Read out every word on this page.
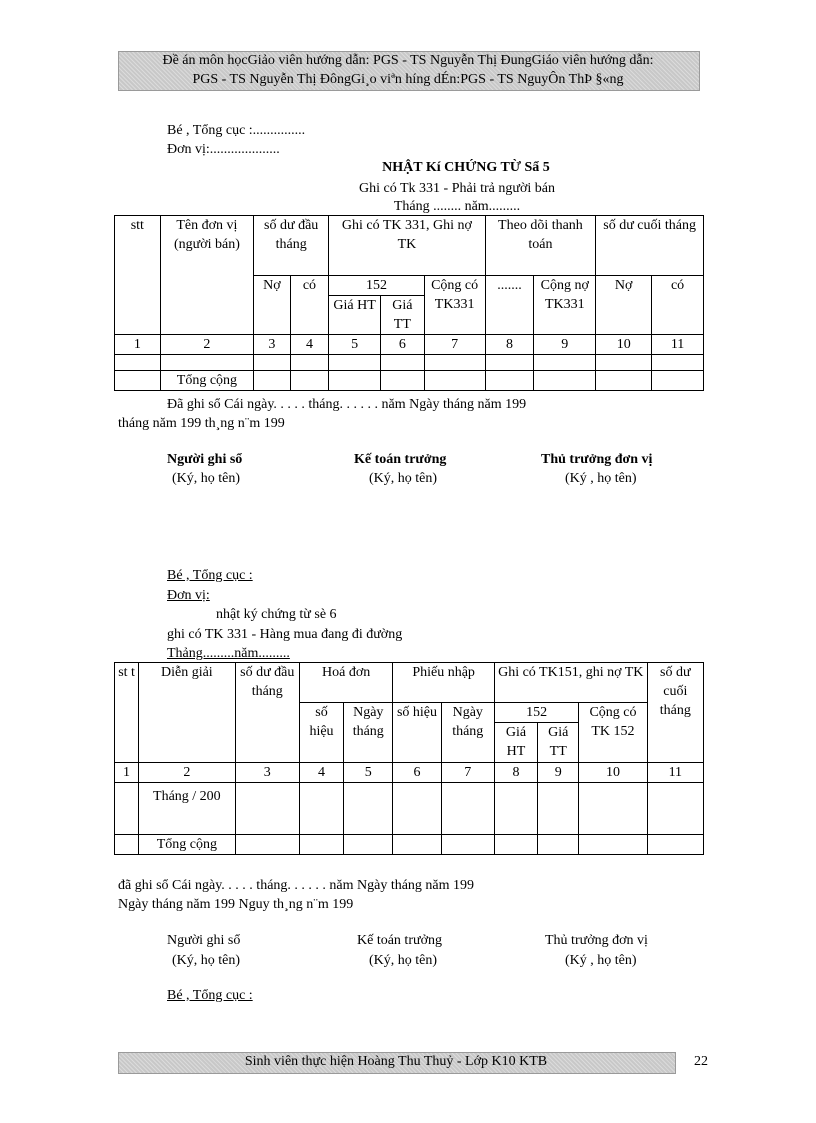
Đề án môn họcGiảo viên hướng dẫn: PGS - TS Nguyễn Thị ĐungGiáo viên hướng dẫn:
PGS - TS Nguyễn Thị ĐôngGi¸o viªn híng dÉn:PGS - TS NguyÔn ThÞ §«ng
Bé , Tổng cục :...............
Đơn vị:....................
NHẬT Kí CHỨNG TỪ Sẩ 5
Ghi có Tk 331 - Phải trả người bán
Tháng ........ năm.........
stt	Tên đơn vị (người bán)	số dư đầu tháng		Ghi có TK 331, Ghi nợ TK			Theo dõi thanh toán		số dư cuối tháng	
		Nợ	có	152		Cộng có TK331	.......	Cộng nợ TK331	Nợ	có
				Giá HT	Giá TT					
1	2	3	4	5	6	7	8	9	10	11

	Tổng cộng									
Đã ghi sổ Cái ngày. . . . . tháng. . . . . . năm Ngày tháng năm 199
tháng năm 199 th¸ng n¨m 199
Người ghi sổ	Kế toán trưởng	Thủ trưởng đơn vị
(Ký, họ tên)	(Ký, họ tên)	(Ký , họ tên)
Bé , Tổng cục :
Đơn vị:
nhật ký chứng từ sè 6
ghi có TK 331 - Hàng mua đang đi đường
Thảng.........năm.........
st t	Diễn giải	số dư đầu tháng	Hoá đơn		Phiếu nhập		Ghi có TK151, ghi nợ TK			số dư cuối tháng
			số hiệu	Ngày tháng	số hiệu	Ngày tháng	152		Cộng có TK 152	
							Giá HT	Giá TT		
1	2	3	4	5	6	7	8	9	10	11
	Tháng / 200									
	Tổng cộng									
đã ghi sổ Cái ngày. . . . . tháng. . . . . . năm Ngày tháng năm 199
Ngày tháng năm 199 Nguy th¸ng n¨m 199
Người ghi sổ	Kế toán trưởng	Thủ trưởng đơn vị
(Ký, họ tên)	(Ký, họ tên)	(Ký , họ tên)
Bé , Tổng cục :
Sinh viên thực hiện Hoàng Thu Thuỷ - Lớp K10 KTB	22
